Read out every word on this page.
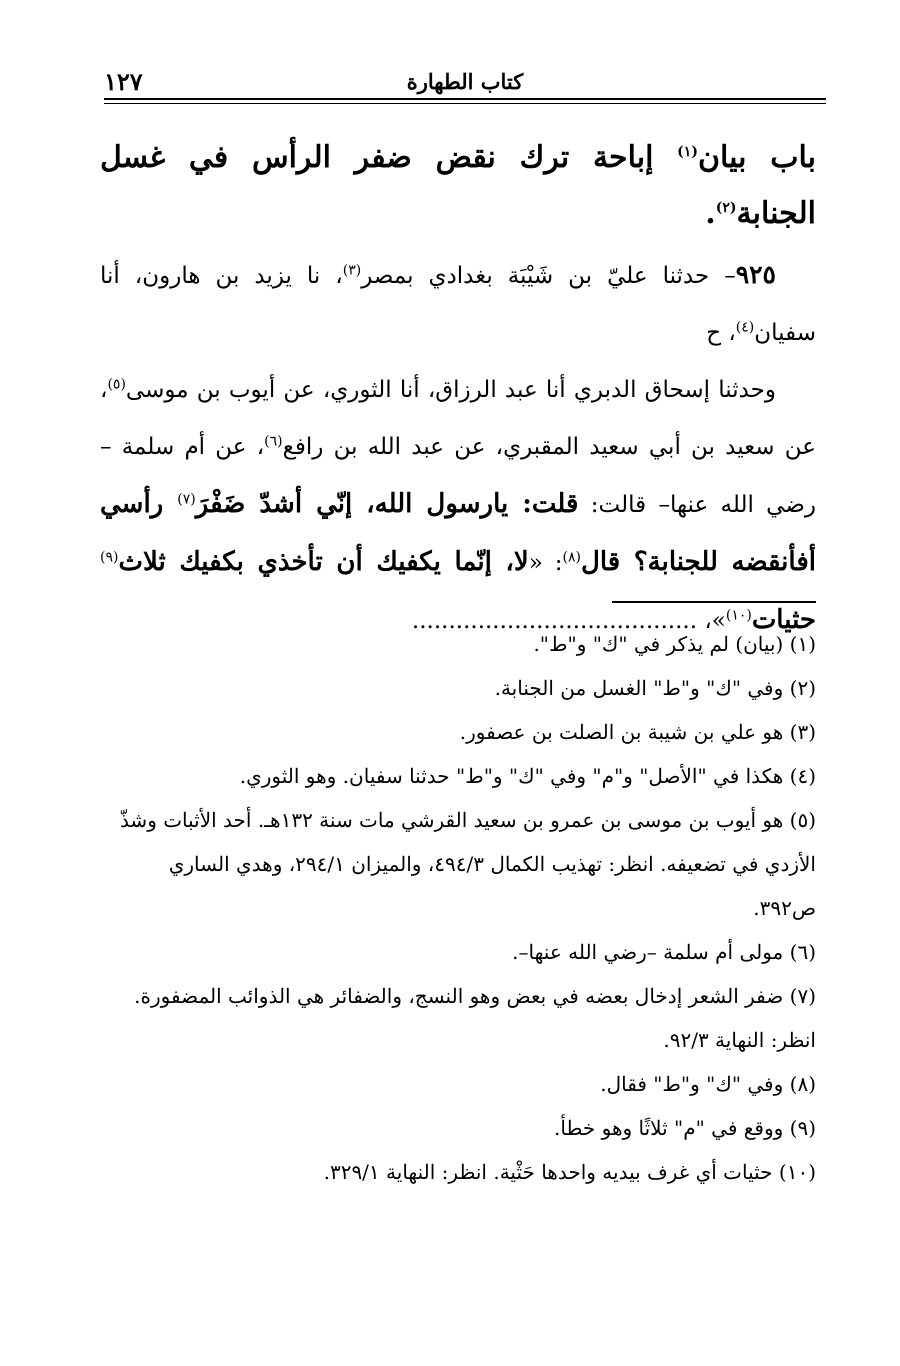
١٢٧	كتاب الطهارة

باب بيان$^{(١)}$ إباحة ترك نقض ضفر الرأس في غسل الجنابة$^{(٢)}$.

٩٢٥– حدثنا عليّ بن شَيْبَة بغدادي بمصر$^{(٣)}$، نا يزيد بن هارون، أنا سفيان$^{(٤)}$، ح

وحدثنا إسحاق الدبري أنا عبد الرزاق، أنا الثوري، عن أيوب بن موسى$^{(٥)}$، عن سعيد بن أبي سعيد المقبري، عن عبد الله بن رافع$^{(٦)}$، عن أم سلمة –رضي الله عنها– قالت: قلت: يارسول الله، إنّي أشدّ ضَفْرَ$^{(٧)}$ رأسي أفأنقضه للجنابة؟ قال$^{(٨)}$: «لا، إنّما يكفيك أن تأخذي بكفيك ثلاث$^{(٩)}$ حثيات$^{(١٠)}$»، .......................................

(١) (بيان) لم يذكر في "ك" و"ط".

(٢) وفي "ك" و"ط" الغسل من الجنابة.

(٣) هو علي بن شيبة بن الصلت بن عصفور.

(٤) هكذا في "الأصل" و"م" وفي "ك" و"ط" حدثنا سفيان. وهو الثوري.

(٥) هو أيوب بن موسى بن عمرو بن سعيد القرشي مات سنة ١٣٢هـ. أحد الأثبات وشذّ الأزدي في تضعيفه. انظر: تهذيب الكمال ٤٩٤/٣، والميزان ٢٩٤/١، وهدي الساري ص٣٩٢.

(٦) مولى أم سلمة –رضي الله عنها–.

(٧) ضفر الشعر إدخال بعضه في بعض وهو النسج، والضفائر هي الذوائب المضفورة. انظر: النهاية ٩٢/٣.

(٨) وفي "ك" و"ط" فقال.

(٩) ووقع في "م" ثلاثًا وهو خطأ.

(١٠) حثيات أي غرف بيديه واحدها حَثْية. انظر: النهاية ٣٢٩/١.
